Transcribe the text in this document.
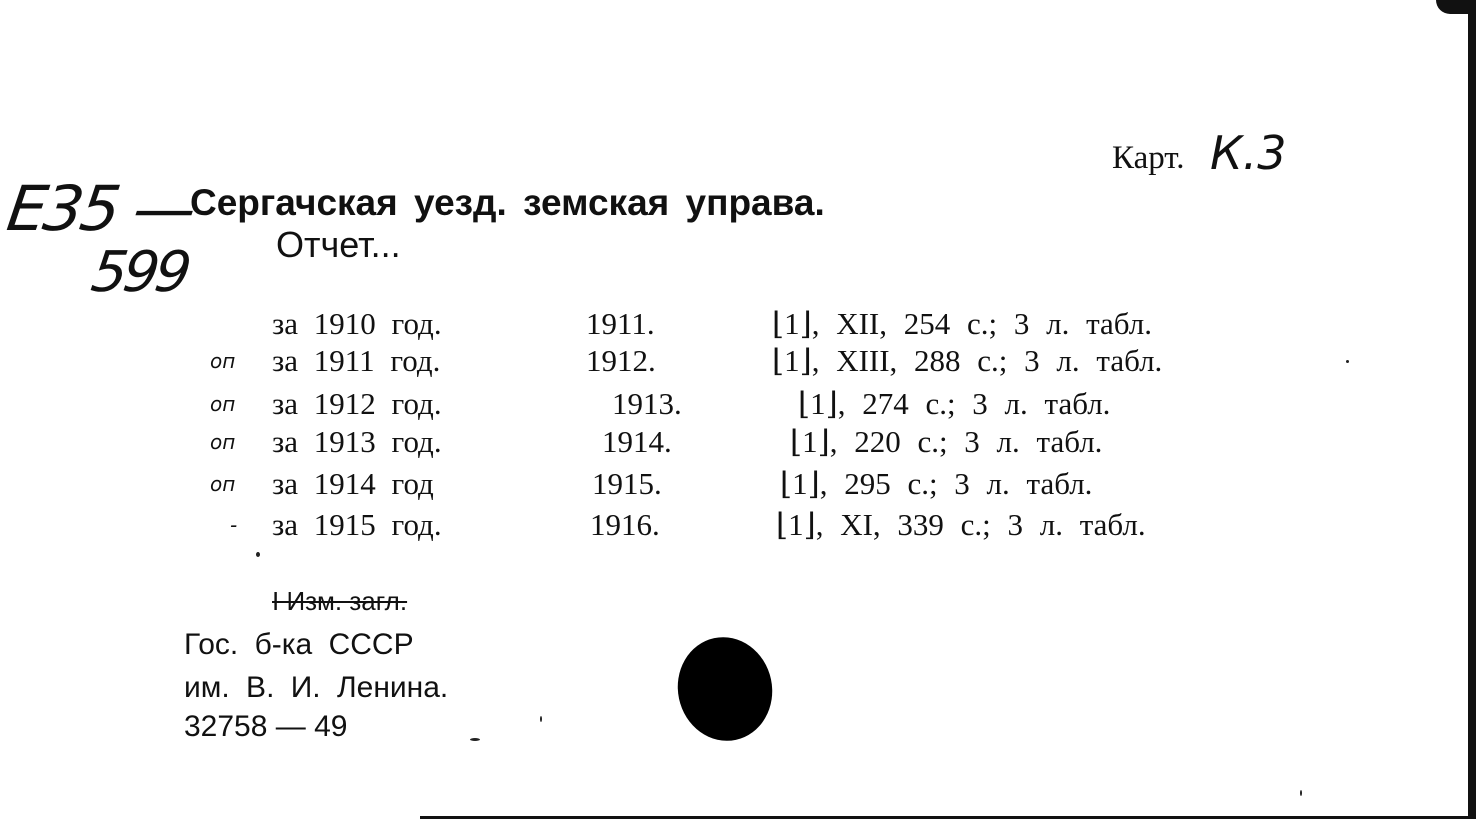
E35 —
599
Карт. К.3
Сергачская уезд. земская управа.
Отчет...
за 1910 год.	1911.	⌊1⌋, XII, 254 с.; 3 л. табл.
оп за 1911 год.	1912.	⌊1⌋, XIII, 288 с.; 3 л. табл.
оп за 1912 год.	1913.	⌊1⌋, 274 с.; 3 л. табл.
оп за 1913 год.	1914.	⌊1⌋, 220 с.; 3 л. табл.
оп за 1914 год	1915.	⌊1⌋, 295 с.; 3 л. табл.
- за 1915 год.	1916.	⌊1⌋, XI, 339 с.; 3 л. табл.
I Изм. загл.
Гос. б-ка СССР
им. В. И. Ленина.
32758 — 49
